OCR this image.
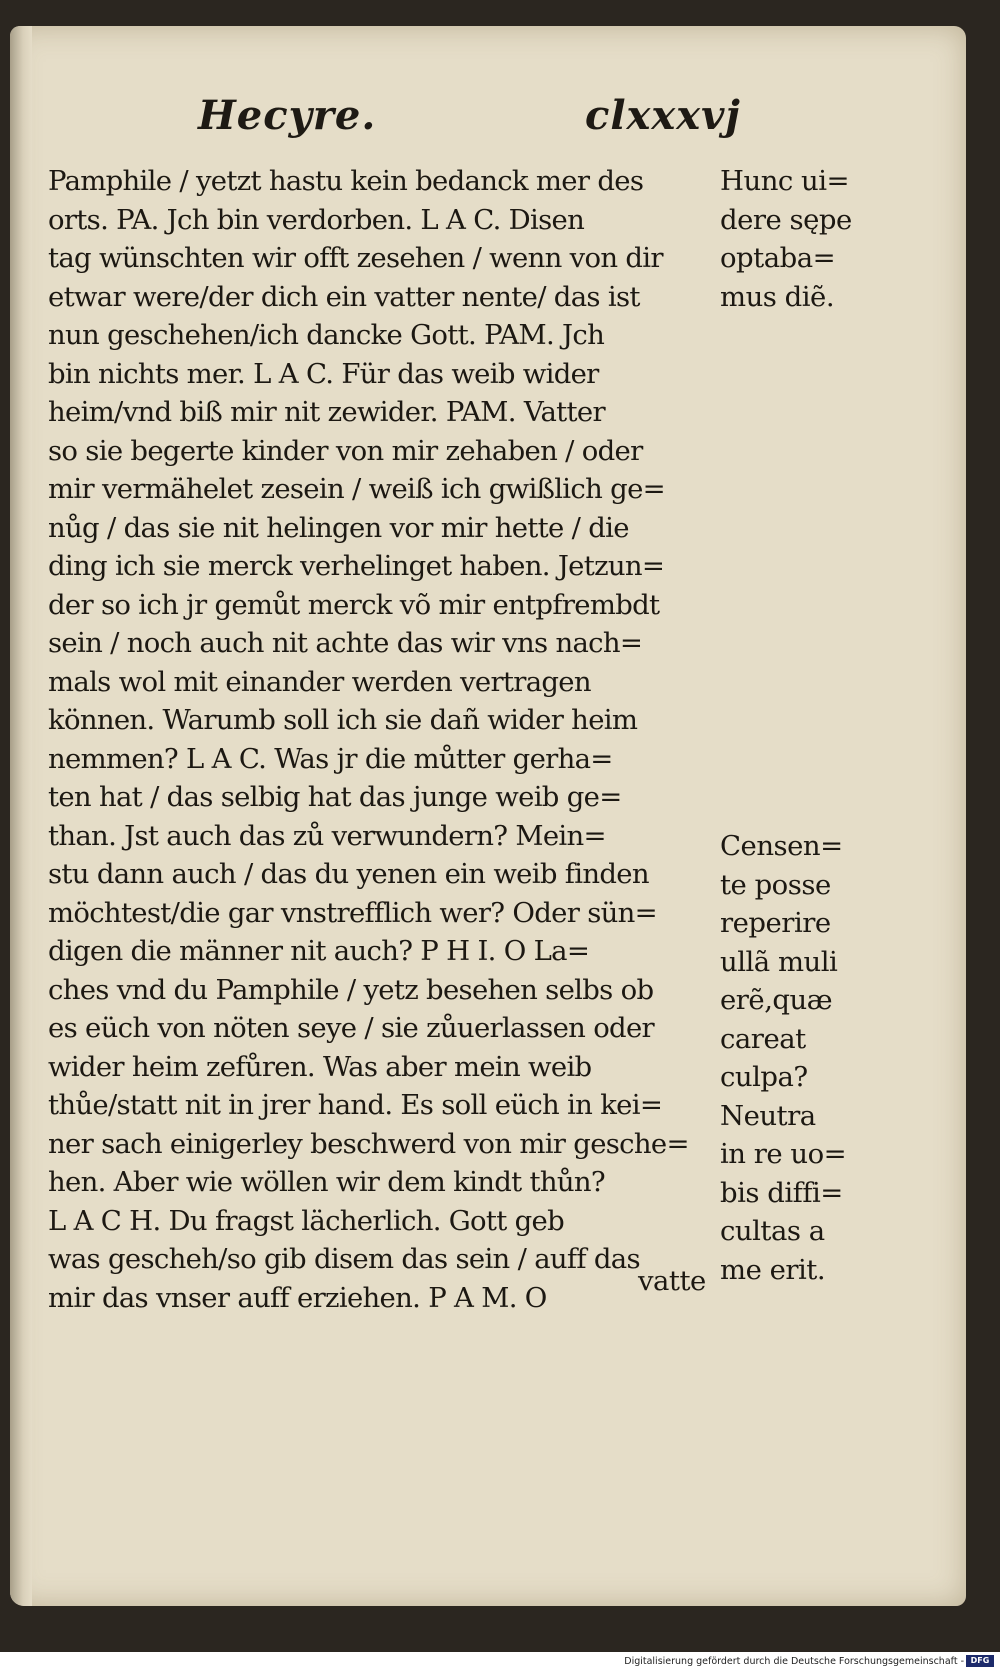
Hecyre.	clxxxvj
Pamphile / yetzt hastu kein bedanck mer des
orts. PA. Jch bin verdorben. L A C. Disen
tag wünschten wir offt zesehen / wenn von dir
etwar were/der dich ein vatter nente/ das ist
nun geschehen/ich dancke Gott. PAM. Jch
bin nichts mer. L A C. Für das weib wider
heim/vnd biß mir nit zewider. PAM. Vatter
so sie begerte kinder von mir zehaben / oder
mir vermähelet zesein / weiß ich gwißlich ge=
nůg / das sie nit helingen vor mir hette / die
ding ich sie merck verhelinget haben. Jetzun=
der so ich jr gemůt merck võ mir entpfrembdt
sein / noch auch nit achte das wir vns nach=
mals wol mit einander werden vertragen
können. Warumb soll ich sie dañ wider heim
nemmen? L A C. Was jr die můtter gerha=
ten hat / das selbig hat das junge weib ge=
than. Jst auch das zů verwundern? Mein=
stu dann auch / das du yenen ein weib finden
möchtest/die gar vnstrefflich wer? Oder sün=
digen die männer nit auch? P H I. O La=
ches vnd du Pamphile / yetz besehen selbs ob
es eüch von nöten seye / sie zůuerlassen oder
wider heim zefůren. Was aber mein weib
thůe/statt nit in jrer hand. Es soll eüch in kei=
ner sach einigerley beschwerd von mir gesche=
hen. Aber wie wöllen wir dem kindt thůn?
L A C H. Du fragst lächerlich. Gott geb
was gescheh/so gib disem das sein / auff das
mir das vnser auff erziehen. P A M. O
vatte
Hunc ui=
dere sępe
optaba=
mus diẽ.
Censen=
te posse
reperire
ullã muli
erẽ,quæ
careat
culpa?
Neutra
in re uo=
bis diffi=
cultas a
me erit.
Digitalisierung gefördert durch die Deutsche Forschungsgemeinschaft - DFG
